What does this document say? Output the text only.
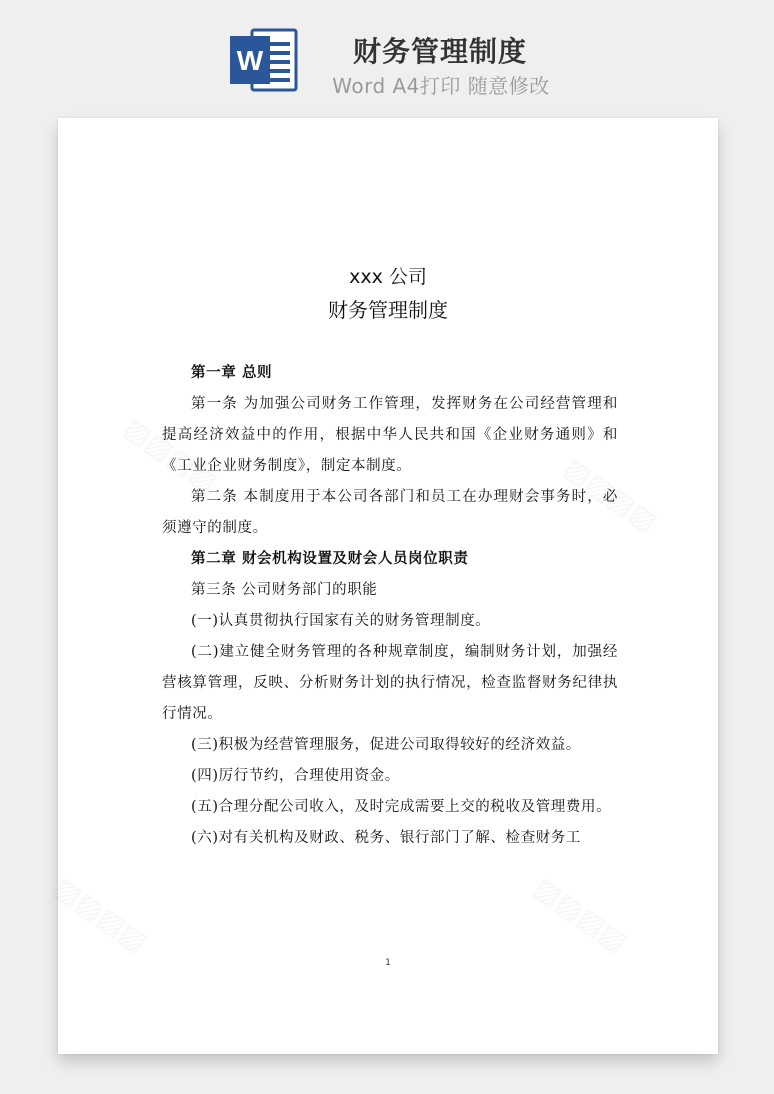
W	财务管理制度
Word A4打印 随意修改
xxx 公司
财务管理制度

第一章 总则

第一条 为加强公司财务工作管理，发挥财务在公司经营管理和提高经济效益中的作用，根据中华人民共和国《企业财务通则》和《工业企业财务制度》，制定本制度。

第二条 本制度用于本公司各部门和员工在办理财会事务时，必须遵守的制度。

第二章 财会机构设置及财会人员岗位职责

第三条 公司财务部门的职能

(一)认真贯彻执行国家有关的财务管理制度。

(二)建立健全财务管理的各种规章制度，编制财务计划，加强经营核算管理，反映、分析财务计划的执行情况，检查监督财务纪律执行情况。

(三)积极为经营管理服务，促进公司取得较好的经济效益。

(四)厉行节约，合理使用资金。

(五)合理分配公司收入，及时完成需要上交的税收及管理费用。

(六)对有关机构及财政、税务、银行部门了解、检查财务工

1
